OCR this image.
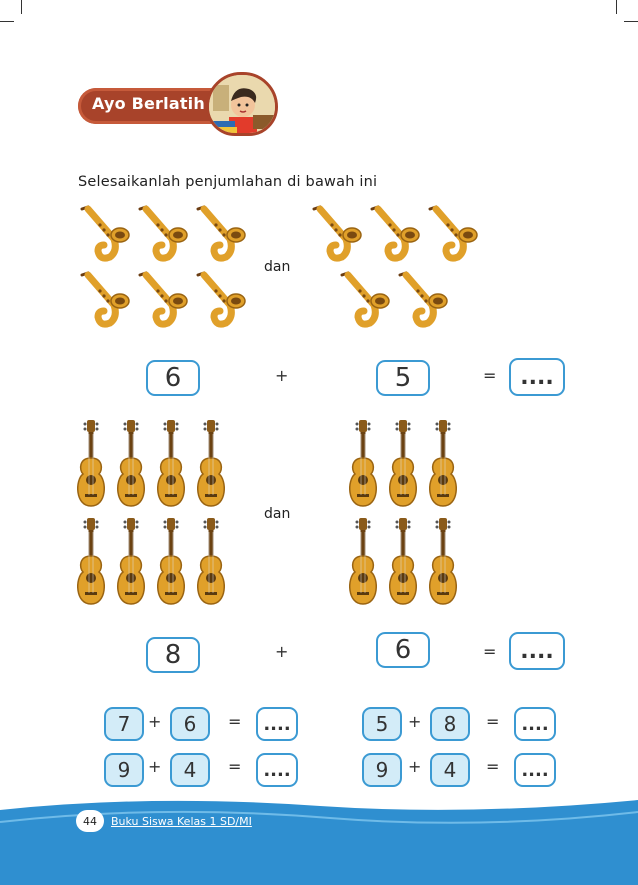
Ayo Berlatih
Selesaikanlah penjumlahan di bawah ini
dan
6	+	5	=	....
dan
8	+	6	=	....
7	+	6	=	....	5	+	8	=	....
9	+	4	=	....	9	+	4	=	....
44	Buku Siswa Kelas 1 SD/MI
